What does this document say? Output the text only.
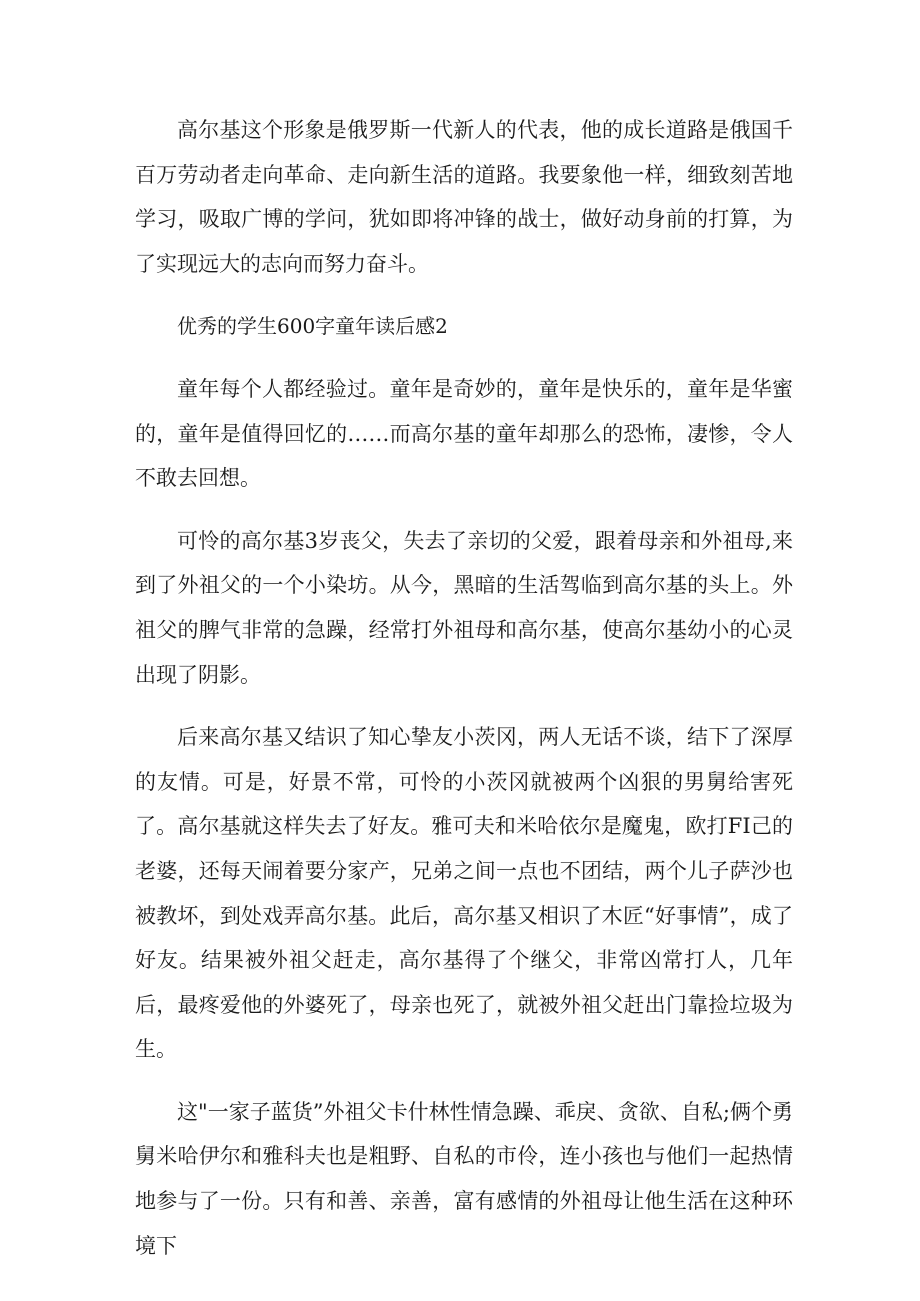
高尔基这个形象是俄罗斯一代新人的代表，他的成长道路是俄国千百万劳动者走向革命、走向新生活的道路。我要象他一样，细致刻苦地学习，吸取广博的学问，犹如即将冲锋的战士，做好动身前的打算，为了实现远大的志向而努力奋斗。

优秀的学生600字童年读后感2

童年每个人都经验过。童年是奇妙的，童年是快乐的，童年是华蜜的，童年是值得回忆的……而高尔基的童年却那么的恐怖，凄惨，令人不敢去回想。

可怜的高尔基3岁丧父，失去了亲切的父爱，跟着母亲和外祖母,来到了外祖父的一个小染坊。从今，黑暗的生活驾临到高尔基的头上。外祖父的脾气非常的急躁，经常打外祖母和高尔基，使高尔基幼小的心灵出现了阴影。

后来高尔基又结识了知心挚友小茨冈，两人无话不谈，结下了深厚的友情。可是，好景不常，可怜的小茨冈就被两个凶狠的男舅给害死了。高尔基就这样失去了好友。雅可夫和米哈依尔是魔鬼，欧打FI己的老婆，还每天闹着要分家产，兄弟之间一点也不团结，两个儿子萨沙也被教坏，到处戏弄高尔基。此后，高尔基又相识了木匠“好事情”，成了好友。结果被外祖父赶走，高尔基得了个继父，非常凶常打人，几年后，最疼爱他的外婆死了，母亲也死了，就被外祖父赶出门靠捡垃圾为生。

这"一家子蓝货”外祖父卡什林性情急躁、乖戾、贪欲、自私;俩个勇舅米哈伊尔和雅科夫也是粗野、自私的市伶，连小孩也与他们一起热情地参与了一份。只有和善、亲善，富有感情的外祖母让他生活在这种环境下
